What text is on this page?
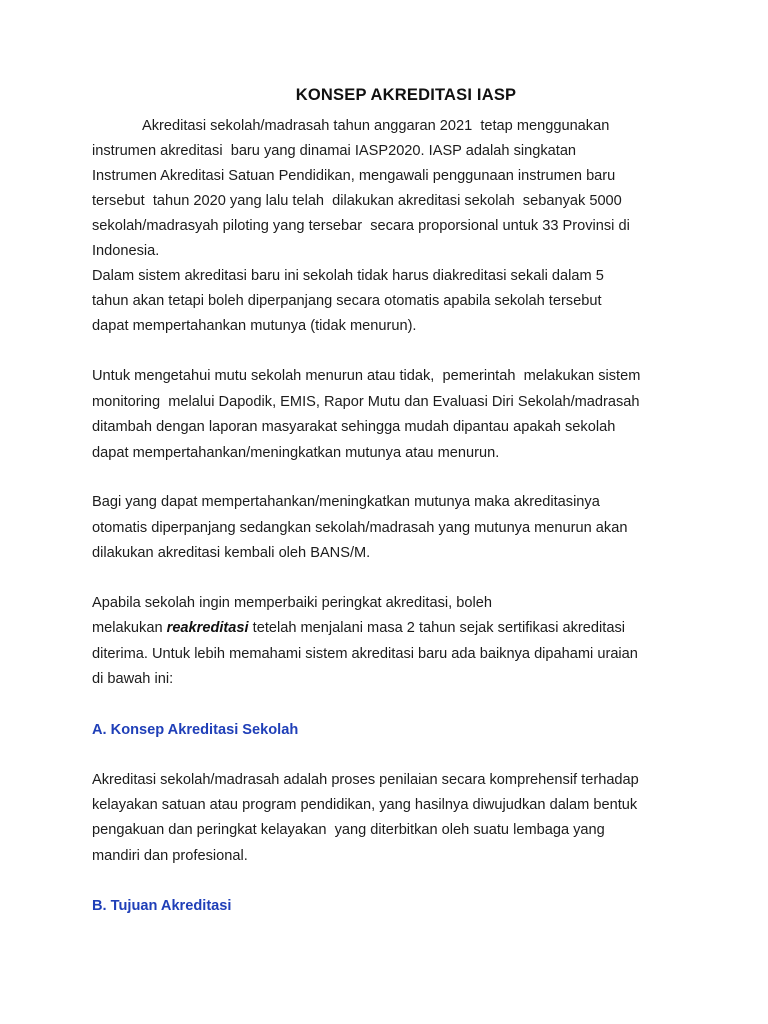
KONSEP AKREDITASI IASP
Akreditasi sekolah/madrasah tahun anggaran 2021  tetap menggunakan
instrumen akreditasi  baru yang dinamai IASP2020. IASP adalah singkatan
Instrumen Akreditasi Satuan Pendidikan, mengawali penggunaan instrumen baru
tersebut  tahun 2020 yang lalu telah  dilakukan akreditasi sekolah  sebanyak 5000
sekolah/madrasyah piloting yang tersebar  secara proporsional untuk 33 Provinsi di
Indonesia.
Dalam sistem akreditasi baru ini sekolah tidak harus diakreditasi sekali dalam 5
tahun akan tetapi boleh diperpanjang secara otomatis apabila sekolah tersebut
dapat mempertahankan mutunya (tidak menurun).
Untuk mengetahui mutu sekolah menurun atau tidak,  pemerintah  melakukan sistem
monitoring  melalui Dapodik, EMIS, Rapor Mutu dan Evaluasi Diri Sekolah/madrasah
ditambah dengan laporan masyarakat sehingga mudah dipantau apakah sekolah
dapat mempertahankan/meningkatkan mutunya atau menurun.
Bagi yang dapat mempertahankan/meningkatkan mutunya maka akreditasinya
otomatis diperpanjang sedangkan sekolah/madrasah yang mutunya menurun akan
dilakukan akreditasi kembali oleh BANS/M.
Apabila sekolah ingin memperbaiki peringkat akreditasi, boleh
melakukan reakreditasi tetelah menjalani masa 2 tahun sejak sertifikasi akreditasi
diterima. Untuk lebih memahami sistem akreditasi baru ada baiknya dipahami uraian
di bawah ini:
A. Konsep Akreditasi Sekolah
Akreditasi sekolah/madrasah adalah proses penilaian secara komprehensif terhadap
kelayakan satuan atau program pendidikan, yang hasilnya diwujudkan dalam bentuk
pengakuan dan peringkat kelayakan  yang diterbitkan oleh suatu lembaga yang
mandiri dan profesional.
B. Tujuan Akreditasi
